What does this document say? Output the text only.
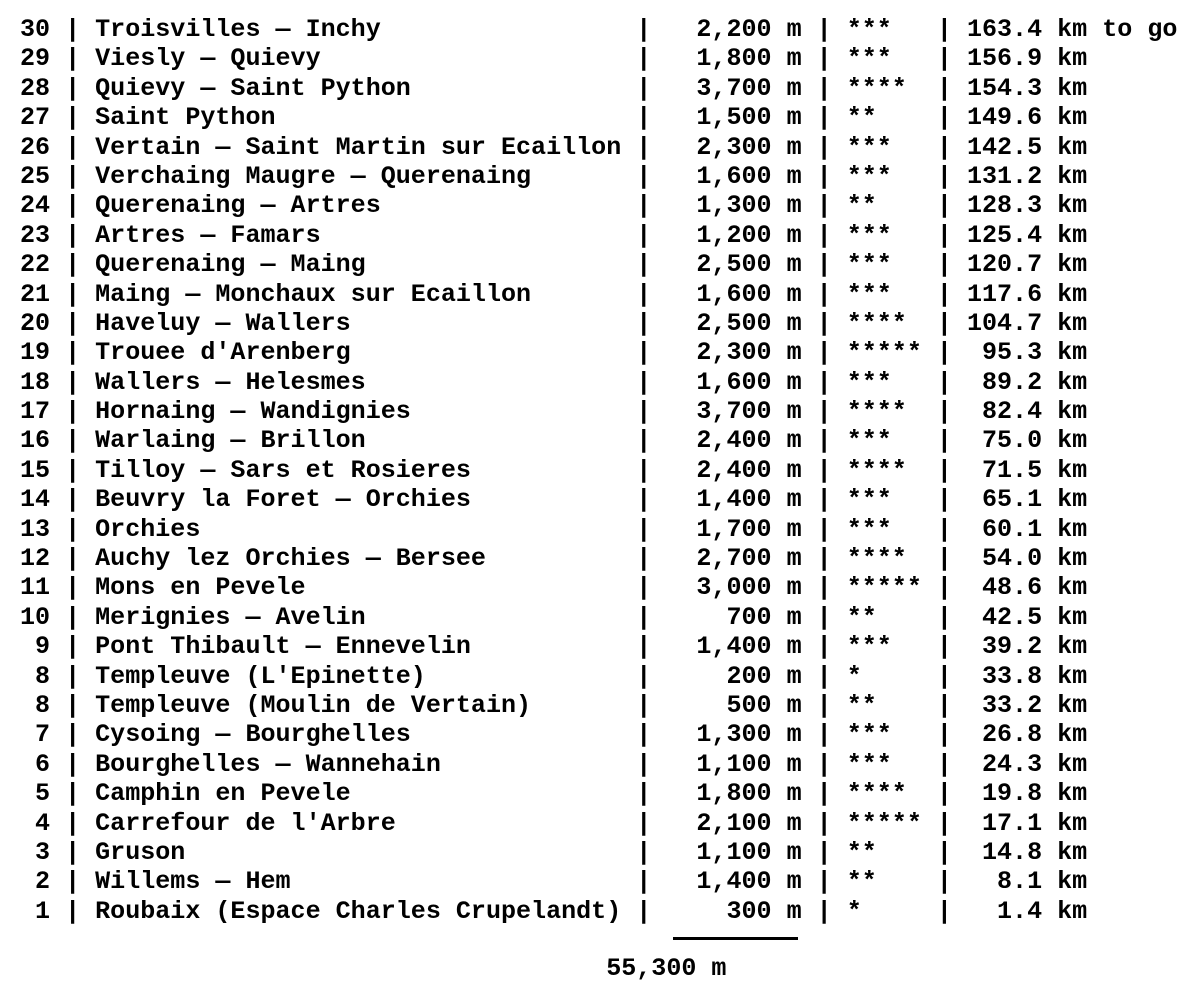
30 | Troisvilles — Inchy                 |   2,200 m | ***   | 163.4 km to go
29 | Viesly — Quievy                     |   1,800 m | ***   | 156.9 km
28 | Quievy — Saint Python               |   3,700 m | ****  | 154.3 km
27 | Saint Python                        |   1,500 m | **    | 149.6 km
26 | Vertain — Saint Martin sur Ecaillon |   2,300 m | ***   | 142.5 km
25 | Verchaing Maugre — Querenaing       |   1,600 m | ***   | 131.2 km
24 | Querenaing — Artres                 |   1,300 m | **    | 128.3 km
23 | Artres — Famars                     |   1,200 m | ***   | 125.4 km
22 | Querenaing — Maing                  |   2,500 m | ***   | 120.7 km
21 | Maing — Monchaux sur Ecaillon       |   1,600 m | ***   | 117.6 km
20 | Haveluy — Wallers                   |   2,500 m | ****  | 104.7 km
19 | Trouee d'Arenberg                   |   2,300 m | ***** |  95.3 km
18 | Wallers — Helesmes                  |   1,600 m | ***   |  89.2 km
17 | Hornaing — Wandignies               |   3,700 m | ****  |  82.4 km
16 | Warlaing — Brillon                  |   2,400 m | ***   |  75.0 km
15 | Tilloy — Sars et Rosieres           |   2,400 m | ****  |  71.5 km
14 | Beuvry la Foret — Orchies           |   1,400 m | ***   |  65.1 km
13 | Orchies                             |   1,700 m | ***   |  60.1 km
12 | Auchy lez Orchies — Bersee          |   2,700 m | ****  |  54.0 km
11 | Mons en Pevele                      |   3,000 m | ***** |  48.6 km
10 | Merignies — Avelin                  |     700 m | **    |  42.5 km
9 | Pont Thibault — Ennevelin           |   1,400 m | ***   |  39.2 km
8 | Templeuve (L'Epinette)              |     200 m | *     |  33.8 km
8 | Templeuve (Moulin de Vertain)       |     500 m | **    |  33.2 km
7 | Cysoing — Bourghelles               |   1,300 m | ***   |  26.8 km
6 | Bourghelles — Wannehain             |   1,100 m | ***   |  24.3 km
5 | Camphin en Pevele                   |   1,800 m | ****  |  19.8 km
4 | Carrefour de l'Arbre                |   2,100 m | ***** |  17.1 km
3 | Gruson                              |   1,100 m | **    |  14.8 km
2 | Willems — Hem                       |   1,400 m | **    |   8.1 km
1 | Roubaix (Espace Charles Crupelandt) |     300 m | *     |   1.4 km
55,300 m
